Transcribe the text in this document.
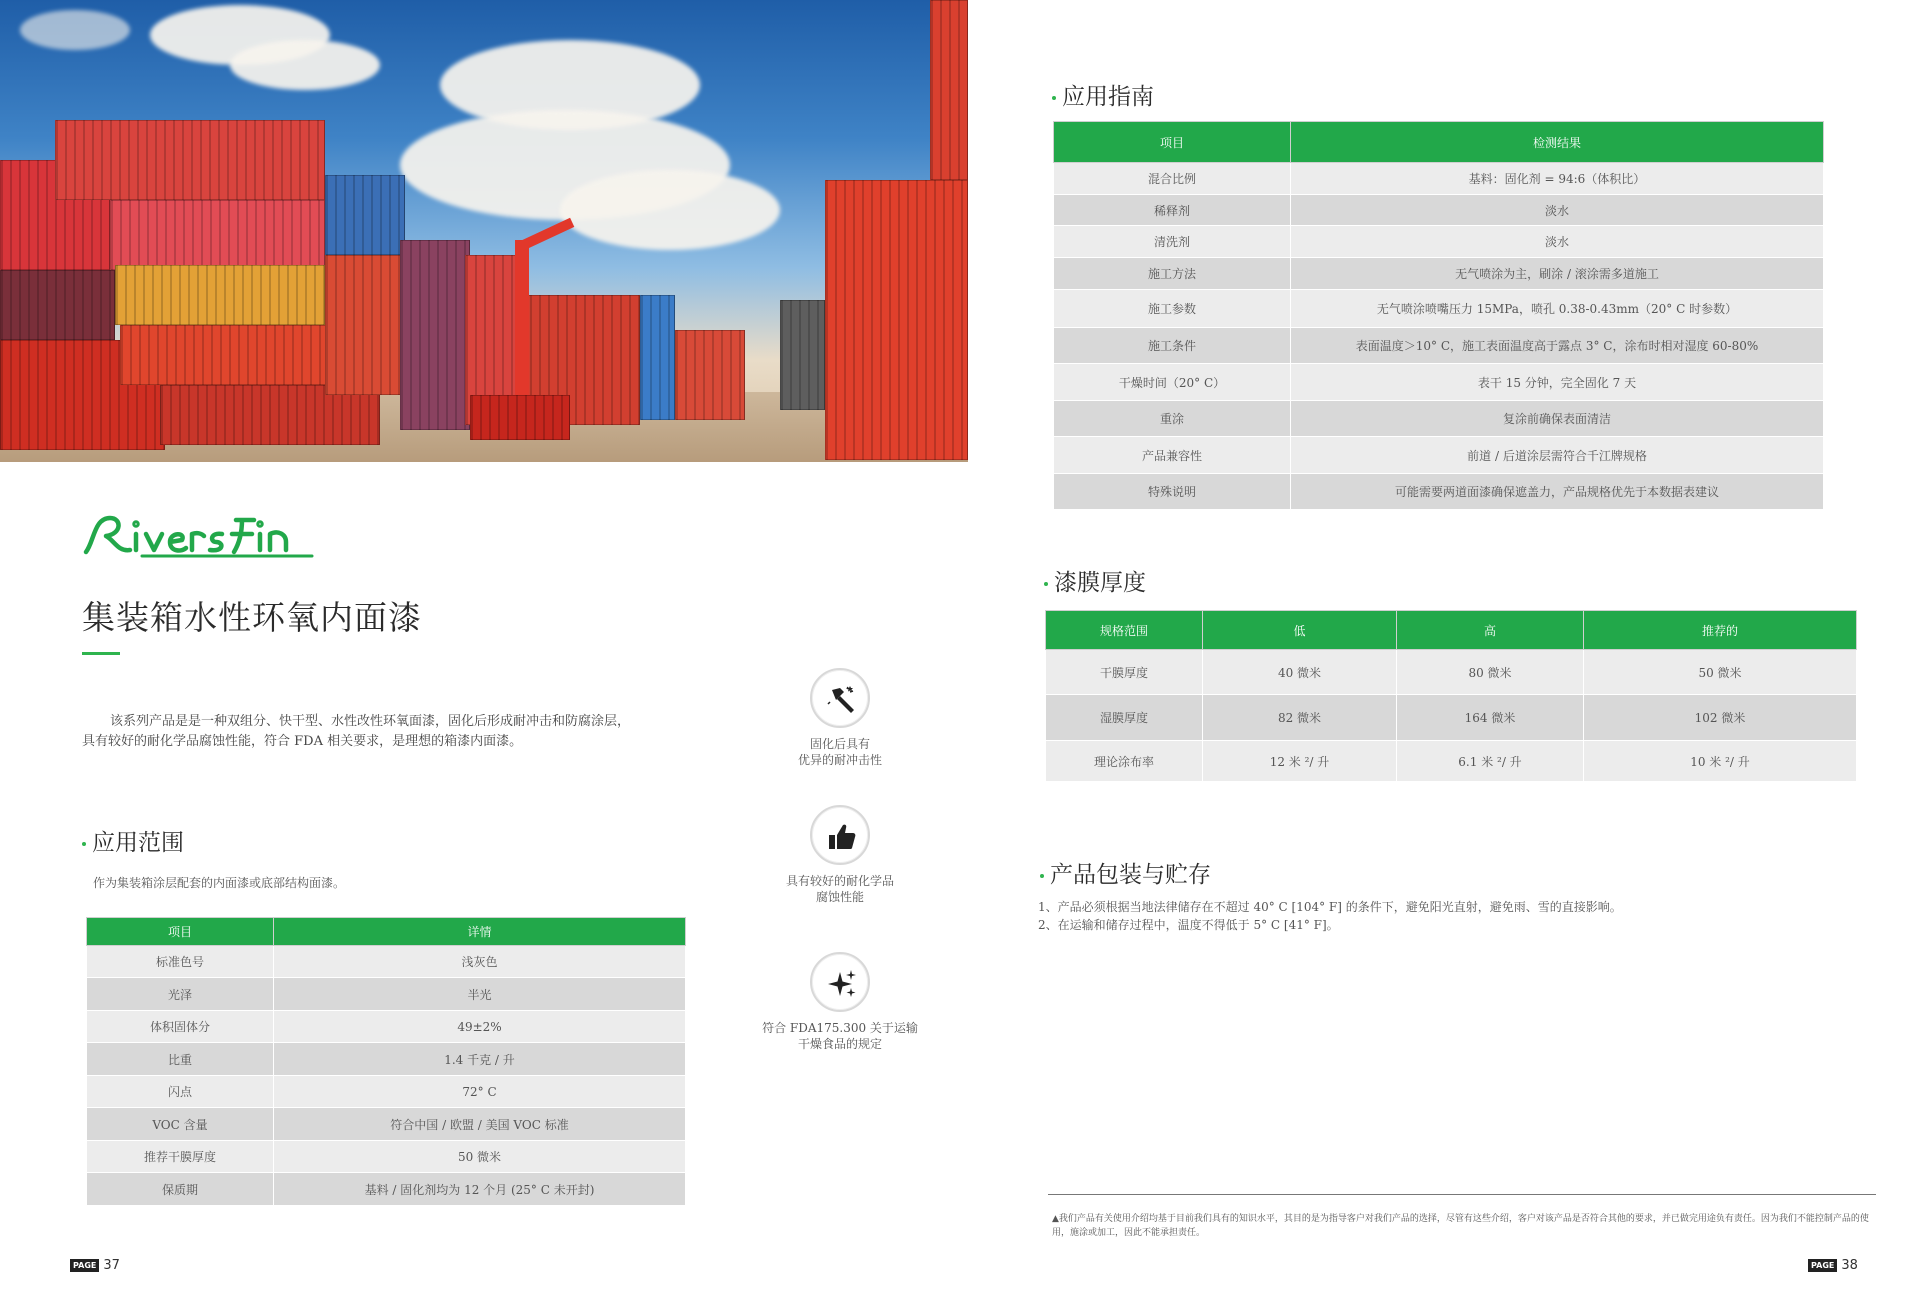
集装箱水性环氧内面漆

该系列产品是是一种双组分、快干型、水性改性环氧面漆，固化后形成耐冲击和防腐涂层，具有较好的耐化学品腐蚀性能，符合 FDA 相关要求，是理想的箱漆内面漆。

应用范围
作为集装箱涂层配套的内面漆或底部结构面漆。
项目	详情
标准色号	浅灰色
光泽	半光
体积固体分	49±2%
比重	1.4 千克 / 升
闪点	72° C
VOC 含量	符合中国 / 欧盟 / 美国 VOC 标准
推荐干膜厚度	50 微米
保质期	基料 / 固化剂均为 12 个月 (25° C 未开封)
固化后具有
优异的耐冲击性
具有较好的耐化学品
腐蚀性能
符合 FDA175.300 关于运输
干燥食品的规定
PAGE 37
应用指南
项目	检测结果
混合比例	基料：固化剂 = 94:6（体积比）
稀释剂	淡水
清洗剂	淡水
施工方法	无气喷涂为主，刷涂 / 滚涂需多道施工
施工参数	无气喷涂喷嘴压力 15MPa，喷孔 0.38-0.43mm（20° C 时参数）
施工条件	表面温度＞10° C，施工表面温度高于露点 3° C，涂布时相对湿度 60-80%
干燥时间（20° C）	表干 15 分钟，完全固化 7 天
重涂	复涂前确保表面清洁
产品兼容性	前道 / 后道涂层需符合千江牌规格
特殊说明	可能需要两道面漆确保遮盖力，产品规格优先于本数据表建议
漆膜厚度
规格范围	低	高	推荐的
干膜厚度	40 微米	80 微米	50 微米
湿膜厚度	82 微米	164 微米	102 微米
理论涂布率	12 米 ²/ 升	6.1 米 ²/ 升	10 米 ²/ 升
产品包装与贮存
1、产品必须根据当地法律储存在不超过 40° C [104° F] 的条件下，避免阳光直射，避免雨、雪的直接影响。
2、在运输和储存过程中，温度不得低于 5° C [41° F]。
▲我们产品有关使用介绍均基于目前我们具有的知识水平，其目的是为指导客户对我们产品的选择，尽管有这些介绍，客户对该产品是否符合其他的要求，并已做完用途负有责任。因为我们不能控制产品的使用，施涂或加工，因此不能承担责任。
PAGE 38
